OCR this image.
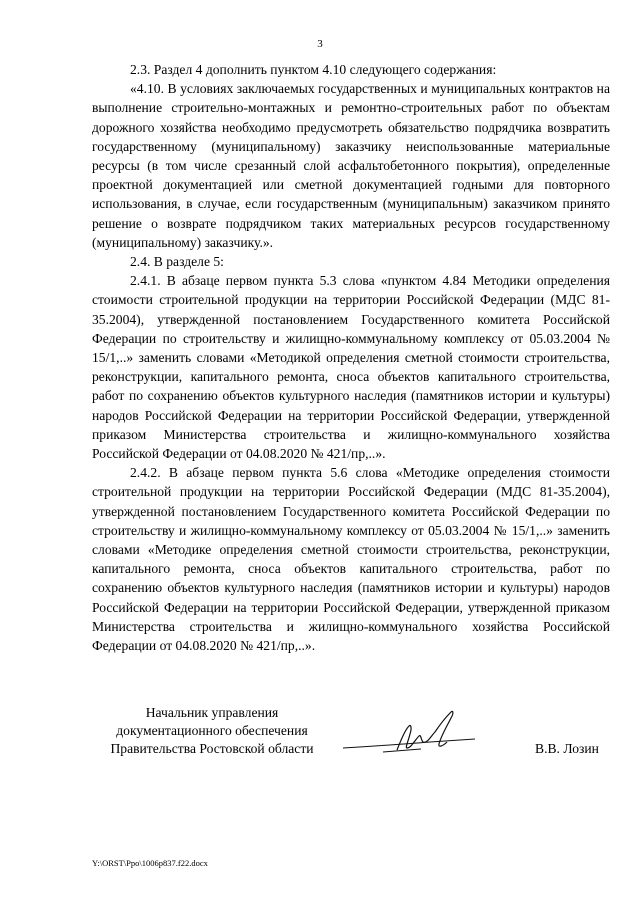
3

2.3. Раздел 4 дополнить пунктом 4.10 следующего содержания:

«4.10. В условиях заключаемых государственных и муниципальных контрактов на выполнение строительно-монтажных и ремонтно-строительных работ по объектам дорожного хозяйства необходимо предусмотреть обязательство подрядчика возвратить государственному (муниципальному) заказчику неиспользованные материальные ресурсы (в том числе срезанный слой асфальтобетонного покрытия), определенные проектной документацией или сметной документацией годными для повторного использования, в случае, если государственным (муниципальным) заказчиком принято решение о возврате подрядчиком таких материальных ресурсов государственному (муниципальному) заказчику.».

2.4. В разделе 5:

2.4.1. В абзаце первом пункта 5.3 слова «пунктом 4.84 Методики определения стоимости строительной продукции на территории Российской Федерации (МДС 81-35.2004), утвержденной постановлением Государственного комитета Российской Федерации по строительству и жилищно-коммунальному комплексу от 05.03.2004 № 15/1,..» заменить словами «Методикой определения сметной стоимости строительства, реконструкции, капитального ремонта, сноса объектов капитального строительства, работ по сохранению объектов культурного наследия (памятников истории и культуры) народов Российской Федерации на территории Российской Федерации, утвержденной приказом Министерства строительства и жилищно-коммунального хозяйства Российской Федерации от 04.08.2020 № 421/пр,..».

2.4.2. В абзаце первом пункта 5.6 слова «Методике определения стоимости строительной продукции на территории Российской Федерации (МДС 81-35.2004), утвержденной постановлением Государственного комитета Российской Федерации по строительству и жилищно-коммунальному комплексу от 05.03.2004 № 15/1,..» заменить словами «Методике определения сметной стоимости строительства, реконструкции, капитального ремонта, сноса объектов капитального строительства, работ по сохранению объектов культурного наследия (памятников истории и культуры) народов Российской Федерации на территории Российской Федерации, утвержденной приказом Министерства строительства и жилищно-коммунального хозяйства Российской Федерации от 04.08.2020 № 421/пр,..».

Начальник управления
документационного обеспечения
Правительства Ростовской области	В.В. Лозин
Y:\ORST\Ppo\1006p837.f22.docx
